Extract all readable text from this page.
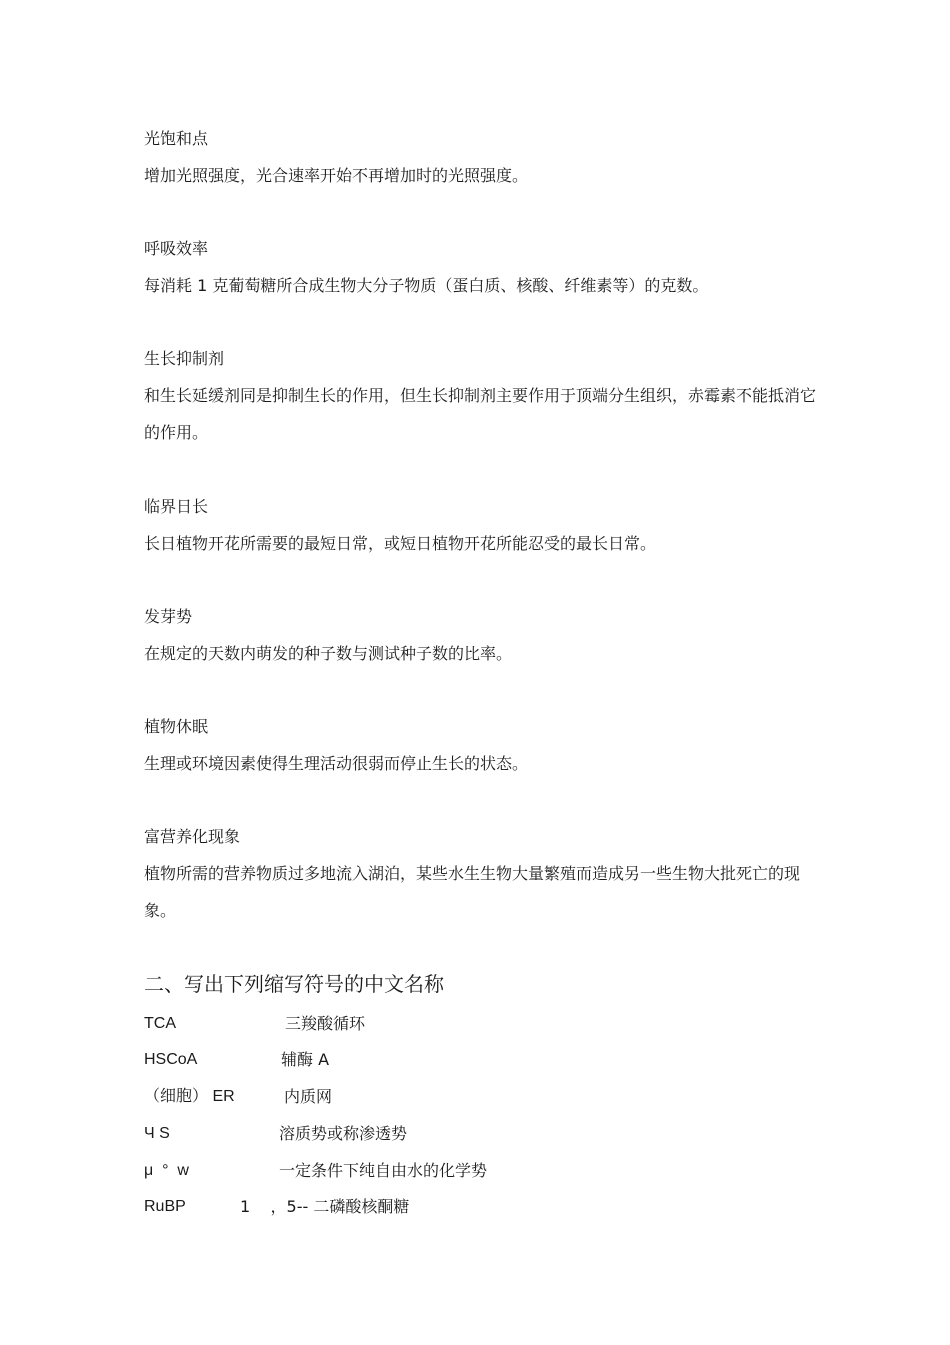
光饱和点

增加光照强度，光合速率开始不再增加时的光照强度。

呼吸效率

每消耗 1 克葡萄糖所合成生物大分子物质（蛋白质、核酸、纤维素等）的克数。

生长抑制剂

和生长延缓剂同是抑制生长的作用，但生长抑制剂主要作用于顶端分生组织，赤霉素不能抵消它的作用。

临界日长

长日植物开花所需要的最短日常，或短日植物开花所能忍受的最长日常。

发芽势

在规定的天数内萌发的种子数与测试种子数的比率。

植物休眠

生理或环境因素使得生理活动很弱而停止生长的状态。

富营养化现象

植物所需的营养物质过多地流入湖泊，某些水生生物大量繁殖而造成另一些生物大批死亡的现象。

二、写出下列缩写符号的中文名称

TCA	三羧酸循环
HSCoA	辅酶 A
（细胞） ER	内质网
Ч S	溶质势或称渗透势
μ  °  w	一定条件下纯自由水的化学势
RuBP	1    ，5-- 二磷酸核酮糖
